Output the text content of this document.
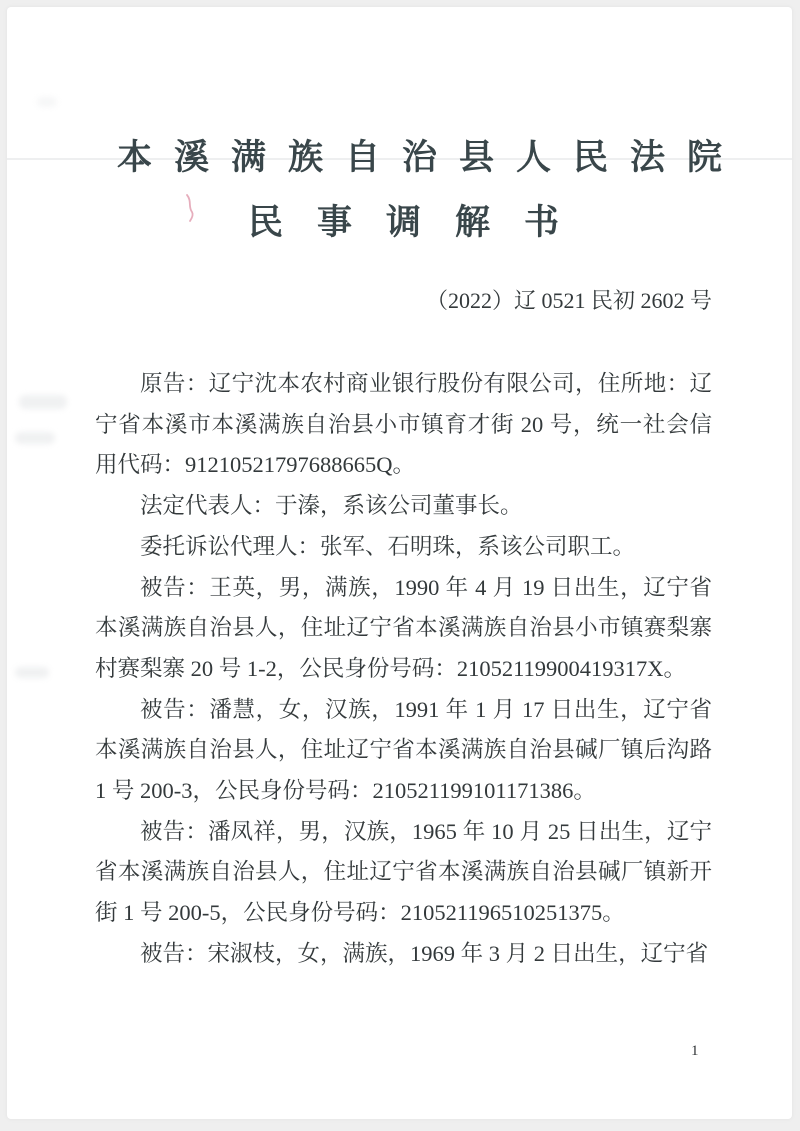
本溪满族自治县人民法院
民事调解书
（2022）辽 0521 民初 2602 号

原告：辽宁沈本农村商业银行股份有限公司，住所地：辽宁省本溪市本溪满族自治县小市镇育才街 20 号，统一社会信用代码：91210521797688665Q。

法定代表人：于溱，系该公司董事长。

委托诉讼代理人：张军、石明珠，系该公司职工。

被告：王英，男，满族，1990 年 4 月 19 日出生，辽宁省本溪满族自治县人，住址辽宁省本溪满族自治县小市镇赛梨寨村赛梨寨 20 号 1-2，公民身份号码：21052119900419317X。

被告：潘慧，女，汉族，1991 年 1 月 17 日出生，辽宁省本溪满族自治县人，住址辽宁省本溪满族自治县碱厂镇后沟路 1 号 200-3，公民身份号码：210521199101171386。

被告：潘凤祥，男，汉族，1965 年 10 月 25 日出生，辽宁省本溪满族自治县人，住址辽宁省本溪满族自治县碱厂镇新开街 1 号 200-5，公民身份号码：210521196510251375。

被告：宋淑枝，女，满族，1969 年 3 月 2 日出生，辽宁省

1
